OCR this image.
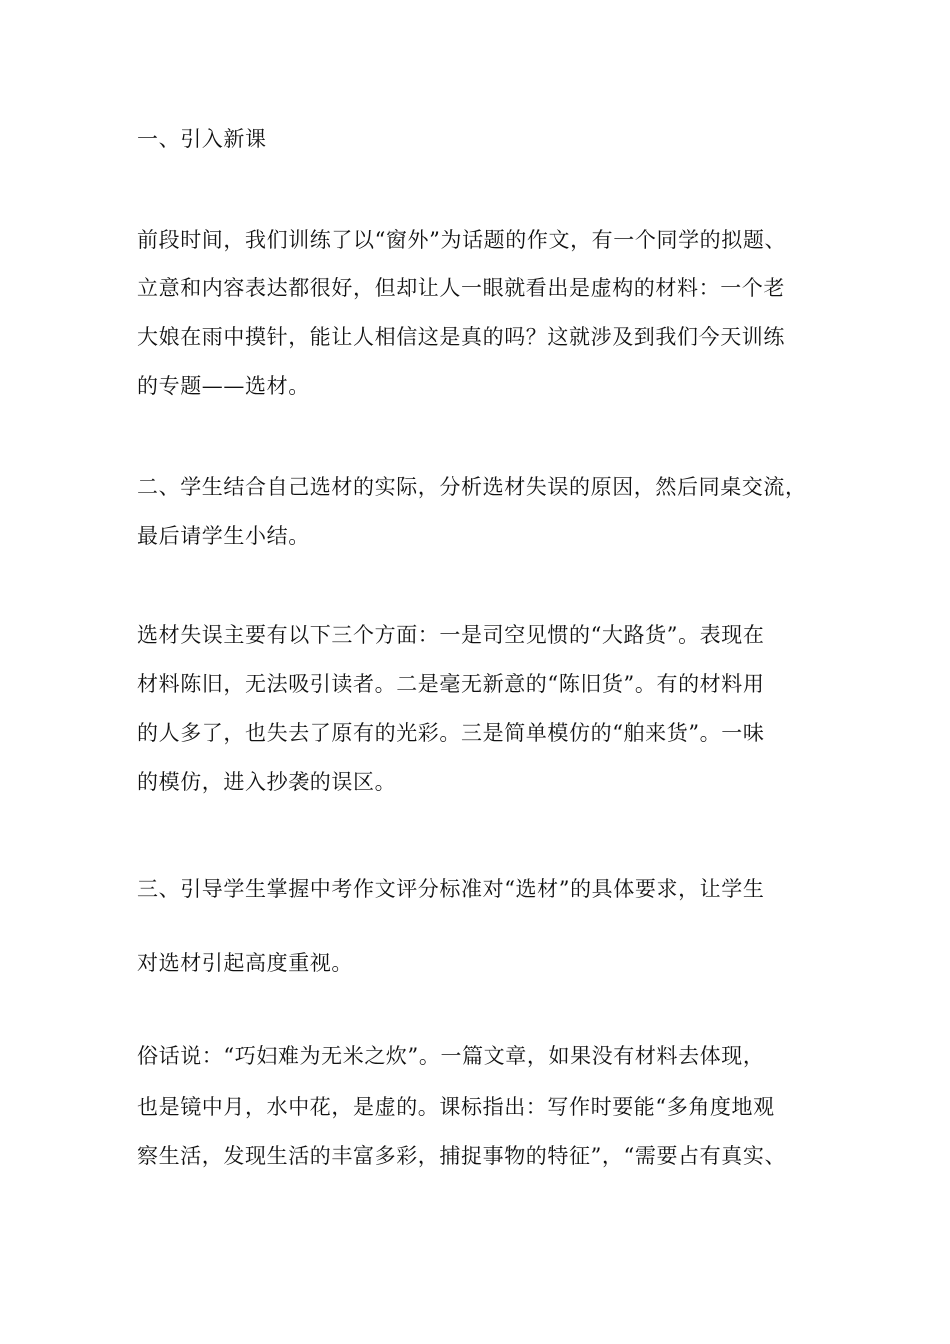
一、引入新课
前段时间，我们训练了以“窗外”为话题的作文，有一个同学的拟题、
立意和内容表达都很好，但却让人一眼就看出是虚构的材料：一个老
大娘在雨中摸针，能让人相信这是真的吗？这就涉及到我们今天训练
的专题——选材。
二、学生结合自己选材的实际，分析选材失误的原因，然后同桌交流，
最后请学生小结。
选材失误主要有以下三个方面：一是司空见惯的“大路货”。表现在
材料陈旧，无法吸引读者。二是毫无新意的“陈旧货”。有的材料用
的人多了，也失去了原有的光彩。三是简单模仿的“舶来货”。一味
的模仿，进入抄袭的误区。
三、引导学生掌握中考作文评分标准对“选材”的具体要求，让学生
对选材引起高度重视。
俗话说：“巧妇难为无米之炊”。一篇文章，如果没有材料去体现，
也是镜中月，水中花，是虚的。课标指出：写作时要能“多角度地观
察生活，发现生活的丰富多彩，捕捉事物的特征”，“需要占有真实、
